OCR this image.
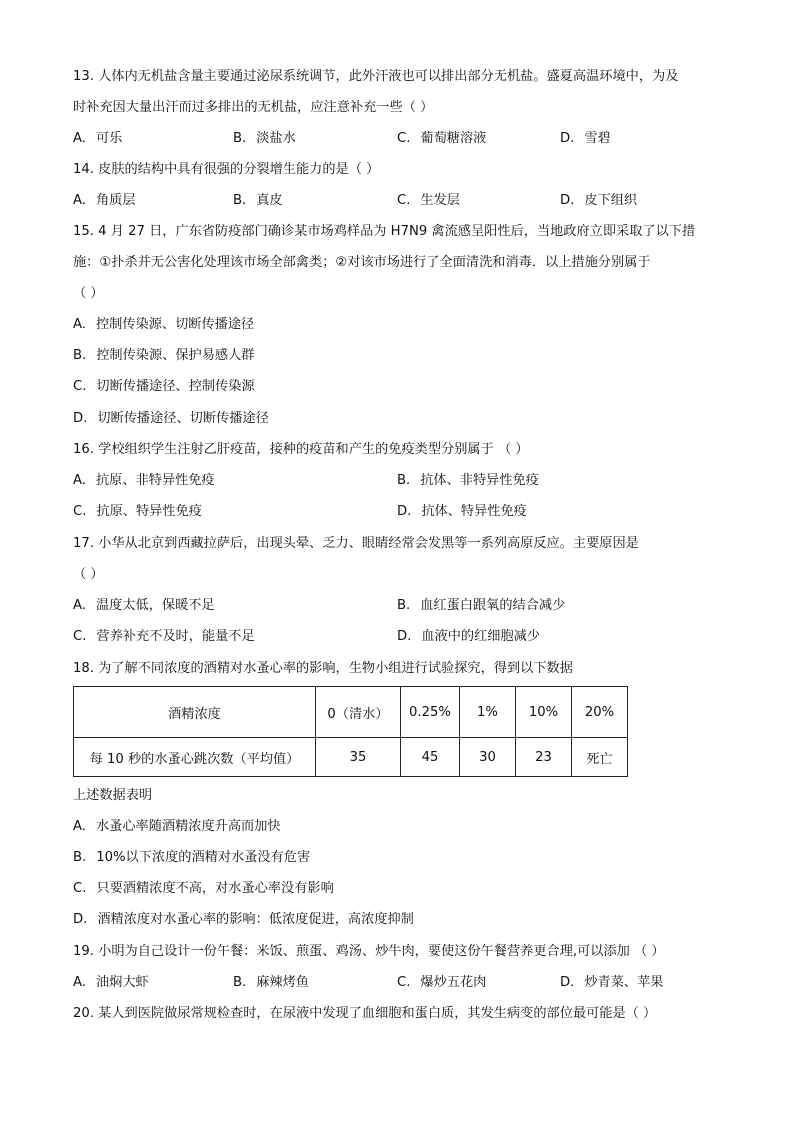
13. 人体内无机盐含量主要通过泌尿系统调节，此外汗液也可以排出部分无机盐。盛夏高温环境中，为及
时补充因大量出汗而过多排出的无机盐，应注意补充一些（ ）
A. 可乐	B. 淡盐水	C. 葡萄糖溶液	D. 雪碧
14. 皮肤的结构中具有很强的分裂增生能力的是（ ）
A. 角质层	B. 真皮	C. 生发层	D. 皮下组织
15. 4 月 27 日，广东省防疫部门确诊某市场鸡样品为 H7N9 禽流感呈阳性后，当地政府立即采取了以下措
施：①扑杀并无公害化处理该市场全部禽类；②对该市场进行了全面清洗和消毒．以上措施分别属于
（ ）
A. 控制传染源、切断传播途径
B. 控制传染源、保护易感人群
C. 切断传播途径、控制传染源
D. 切断传播途径、切断传播途径
16. 学校组织学生注射乙肝疫苗，接种的疫苗和产生的免疫类型分别属于 （ ）
A. 抗原、非特异性免疫	B. 抗体、非特异性免疫
C. 抗原、特异性免疫	D. 抗体、特异性免疫
17. 小华从北京到西藏拉萨后，出现头晕、乏力、眼睛经常会发黑等一系列高原反应。主要原因是
（ ）
A. 温度太低，保暖不足	B. 血红蛋白跟氧的结合减少
C. 营养补充不及时，能量不足	D. 血液中的红细胞减少
18. 为了解不同浓度的酒精对水蚤心率的影响，生物小组进行试验探究，得到以下数据
酒精浓度	0（清水）	0.25%	1%	10%	20%
每 10 秒的水蚤心跳次数（平均值）	35	45	30	23	死亡
上述数据表明
A. 水蚤心率随酒精浓度升高而加快
B. 10%以下浓度的酒精对水蚤没有危害
C. 只要酒精浓度不高，对水蚤心率没有影响
D. 酒精浓度对水蚤心率的影响：低浓度促进，高浓度抑制
19. 小明为自己设计一份午餐：米饭、煎蛋、鸡汤、炒牛肉，要使这份午餐营养更合理,可以添加 （ ）
A. 油焖大虾	B. 麻辣烤鱼	C. 爆炒五花肉	D. 炒青菜、苹果
20. 某人到医院做尿常规检查时，在尿液中发现了血细胞和蛋白质，其发生病变的部位最可能是（ ）
